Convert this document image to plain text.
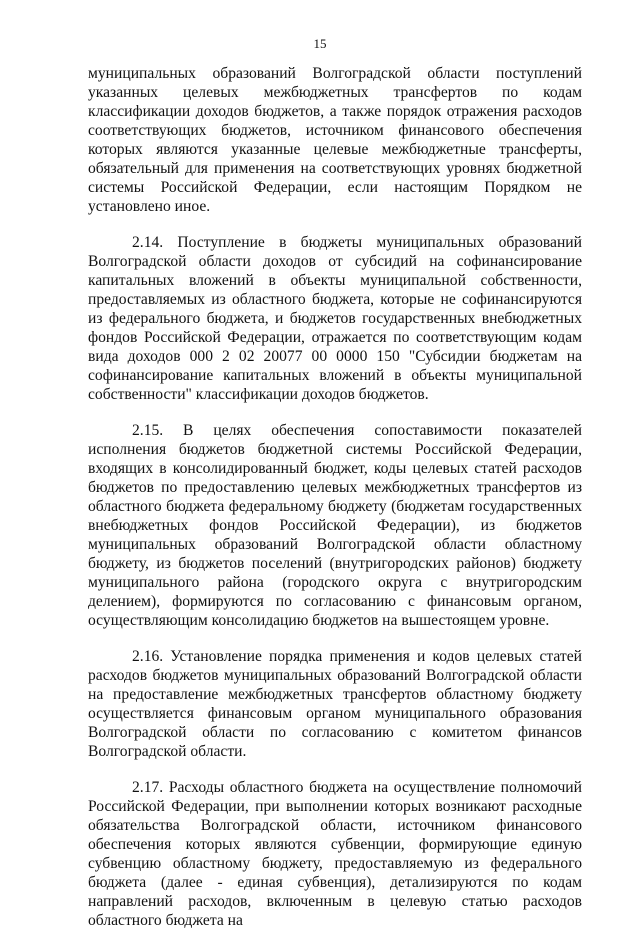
15

муниципальных образований Волгоградской области поступлений указанных целевых межбюджетных трансфертов по кодам классификации доходов бюджетов, а также порядок отражения расходов соответствующих бюджетов, источником финансового обеспечения которых являются указанные целевые межбюджетные трансферты, обязательный для применения на соответствующих уровнях бюджетной системы Российской Федерации, если настоящим Порядком не установлено иное.

2.14. Поступление в бюджеты муниципальных образований Волгоградской области доходов от субсидий на софинансирование капитальных вложений в объекты муниципальной собственности, предоставляемых из областного бюджета, которые не софинансируются из федерального бюджета, и бюджетов государственных внебюджетных фондов Российской Федерации, отражается по соответствующим кодам вида доходов 000 2 02 20077 00 0000 150 "Субсидии бюджетам на софинансирование капитальных вложений в объекты муниципальной собственности" классификации доходов бюджетов.

2.15. В целях обеспечения сопоставимости показателей исполнения бюджетов бюджетной системы Российской Федерации, входящих в консолидированный бюджет, коды целевых статей расходов бюджетов по предоставлению целевых межбюджетных трансфертов из областного бюджета федеральному бюджету (бюджетам государственных внебюджетных фондов Российской Федерации), из бюджетов муниципальных образований Волгоградской области областному бюджету, из бюджетов поселений (внутригородских районов) бюджету муниципального района (городского округа с внутригородским делением), формируются по согласованию с финансовым органом, осуществляющим консолидацию бюджетов на вышестоящем уровне.

2.16. Установление порядка применения и кодов целевых статей расходов бюджетов муниципальных образований Волгоградской области на предоставление межбюджетных трансфертов областному бюджету осуществляется финансовым органом муниципального образования Волгоградской области по согласованию с комитетом финансов Волгоградской области.

2.17. Расходы областного бюджета на осуществление полномочий Российской Федерации, при выполнении которых возникают расходные обязательства Волгоградской области, источником финансового обеспечения которых являются субвенции, формирующие единую субвенцию областному бюджету, предоставляемую из федерального бюджета (далее - единая субвенция), детализируются по кодам направлений расходов, включенным в целевую статью расходов областного бюджета на
